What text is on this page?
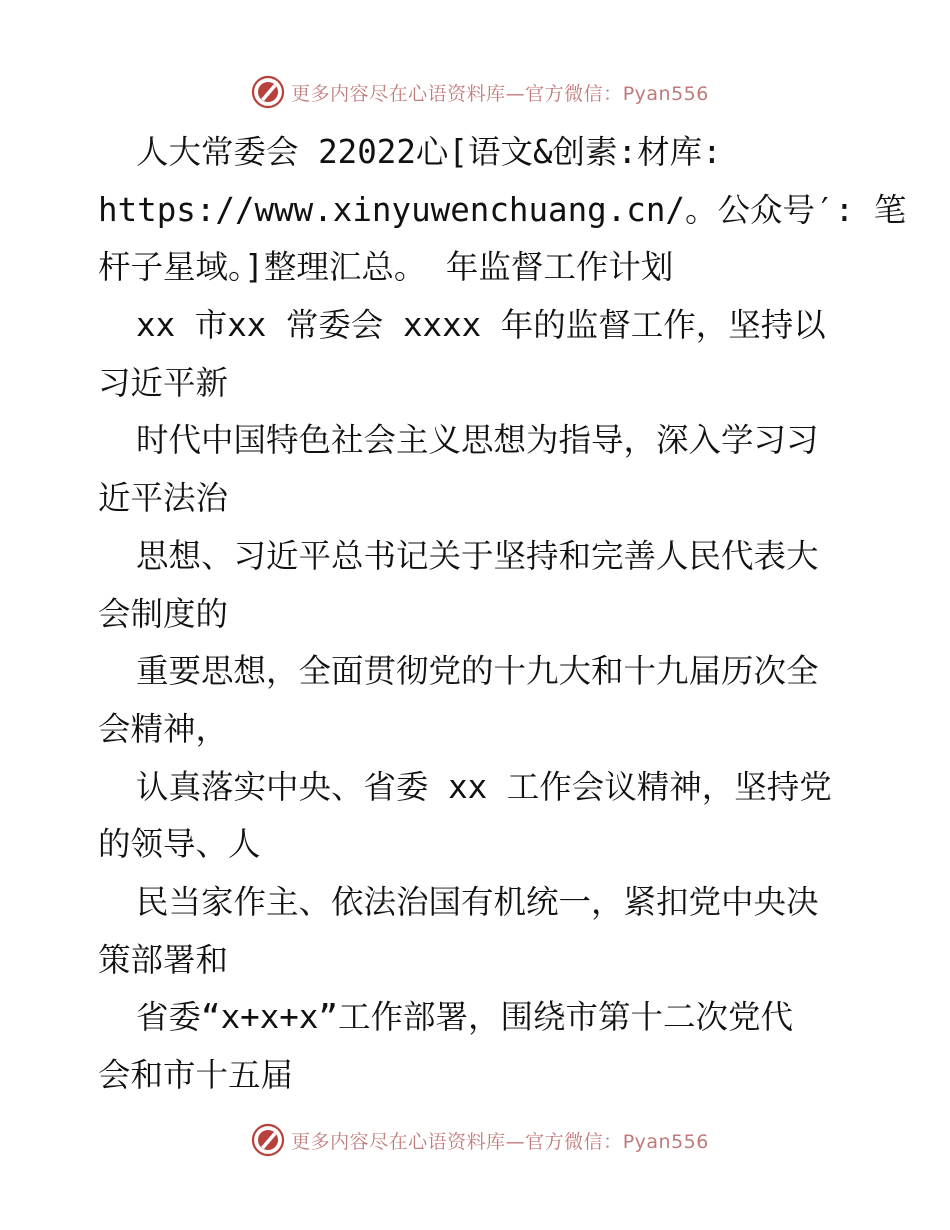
更多内容尽在心语资料库—官方微信：Pyan556
人大常委会 22022心[语文&创素:材库:
https://www.xinyuwenchuang.cn/。公众号′: 笔
杆子星域。]整理汇总。 年监督工作计划
xx 市xx 常委会 xxxx 年的监督工作，坚持以
习近平新
时代中国特色社会主义思想为指导，深入学习习
近平法治
思想、习近平总书记关于坚持和完善人民代表大
会制度的
重要思想，全面贯彻党的十九大和十九届历次全
会精神，
认真落实中央、省委 xx 工作会议精神，坚持党
的领导、人
民当家作主、依法治国有机统一，紧扣党中央决
策部署和
省委“x+x+x”工作部署，围绕市第十二次党代
会和市十五届
更多内容尽在心语资料库—官方微信：Pyan556
